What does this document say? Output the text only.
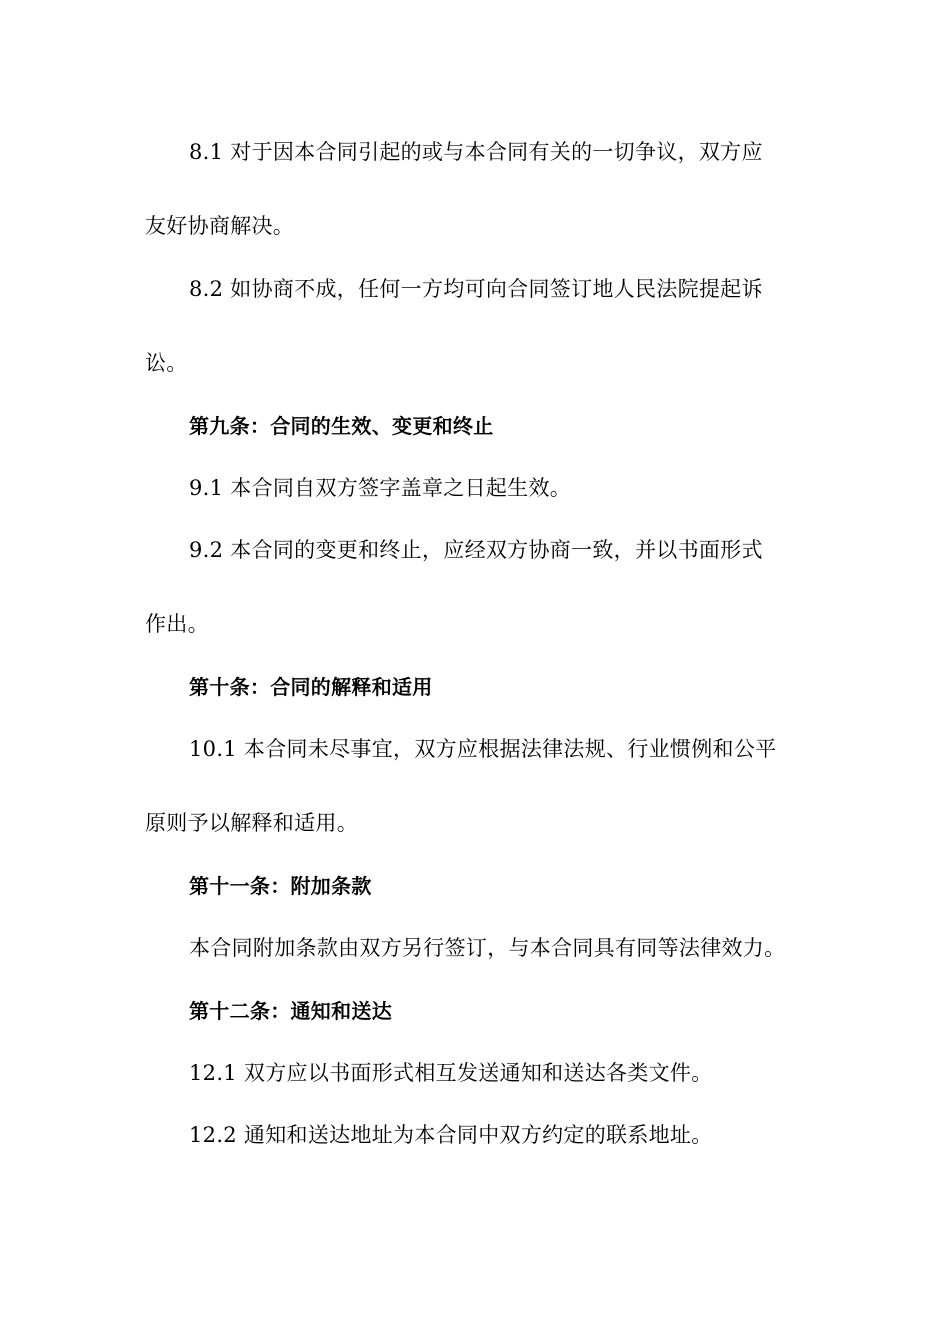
8.1 对于因本合同引起的或与本合同有关的一切争议，双方应
友好协商解决。
8.2 如协商不成，任何一方均可向合同签订地人民法院提起诉
讼。
第九条：合同的生效、变更和终止
9.1 本合同自双方签字盖章之日起生效。
9.2 本合同的变更和终止，应经双方协商一致，并以书面形式
作出。
第十条：合同的解释和适用
10.1 本合同未尽事宜，双方应根据法律法规、行业惯例和公平
原则予以解释和适用。
第十一条：附加条款
本合同附加条款由双方另行签订，与本合同具有同等法律效力。
第十二条：通知和送达
12.1 双方应以书面形式相互发送通知和送达各类文件。
12.2 通知和送达地址为本合同中双方约定的联系地址。
